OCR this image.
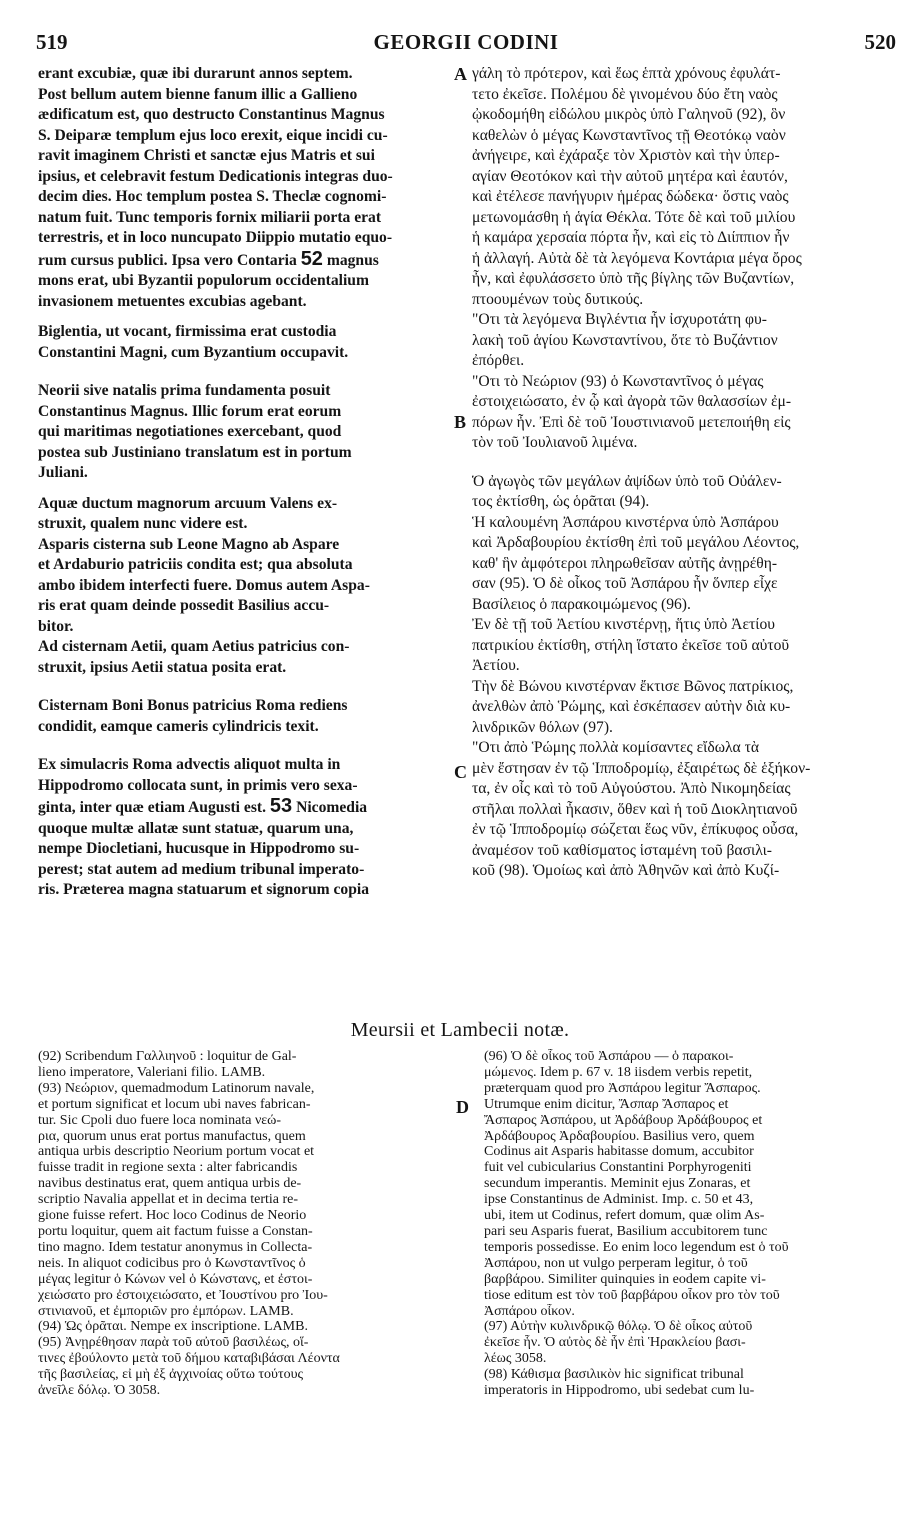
519	GEORGII CODINI	520
erant excubiæ, quæ ibi durarunt annos septem.
Post bellum autem bienne fanum illic a Gallieno
ædificatum est, quo destructo Constantinus Magnus
S. Deiparæ templum ejus loco erexit, eique incidi cu-
ravit imaginem Christi et sanctæ ejus Matris et sui
ipsius, et celebravit festum Dedicationis integras duo-
decim dies. Hoc templum postea S. Theclæ cognomi-
natum fuit. Tunc temporis fornix miliarii porta erat
terrestris, et in loco nuncupato Diippio mutatio equo-
rum cursus publici. Ipsa vero Contaria 52 magnus
mons erat, ubi Byzantii populorum occidentalium
invasionem metuentes excubias agebant.
Biglentia, ut vocant, firmissima erat custodia
Constantini Magni, cum Byzantium occupavit.
Neorii sive natalis prima fundamenta posuit
Constantinus Magnus. Illic forum erat eorum
qui maritimas negotiationes exercebant, quod
postea sub Justiniano translatum est in portum
Juliani.
Aquæ ductum magnorum arcuum Valens ex-
struxit, qualem nunc videre est.
Asparis cisterna sub Leone Magno ab Aspare
et Ardaburio patriciis condita est; qua absoluta
ambo ibidem interfecti fuere. Domus autem Aspa-
ris erat quam deinde possedit Basilius accu-
bitor.
Ad cisternam Aetii, quam Aetius patricius con-
struxit, ipsius Aetii statua posita erat.
Cisternam Boni Bonus patricius Roma rediens
condidit, eamque cameris cylindricis texit.
Ex simulacris Roma advectis aliquot multa in
Hippodromo collocata sunt, in primis vero sexa-
ginta, inter quæ etiam Augusti est. 53 Nicomedia
quoque multæ allatæ sunt statuæ, quarum una,
nempe Diocletiani, hucusque in Hippodromo su-
perest; stat autem ad medium tribunal imperato-
ris. Præterea magna statuarum et signorum copia
A
B
C
D
γάλη τὸ πρότερον, καὶ ἕως ἑπτὰ χρόνους ἐφυλάτ-
τετο ἐκεῖσε. Πολέμου δὲ γινομένου δύο ἔτη ναὸς
ᾠκοδομήθη εἰδώλου μικρὸς ὑπὸ Γαληνοῦ (92), ὃν
καθελὼν ὁ μέγας Κωνσταντῖνος τῇ Θεοτόκῳ ναὸν
ἀνήγειρε, καὶ ἐχάραξε τὸν Χριστὸν καὶ τὴν ὑπερ-
αγίαν Θεοτόκον καὶ τὴν αὐτοῦ μητέρα καὶ ἑαυτόν,
καὶ ἐτέλεσε πανήγυριν ἡμέρας δώδεκα· ὅστις ναὸς
μετωνομάσθη ἡ ἁγία Θέκλα. Τότε δὲ καὶ τοῦ μιλίου
ἡ καμάρα χερσαία πόρτα ἦν, καὶ εἰς τὸ Διίππιον ἦν
ἡ ἀλλαγή. Αὐτὰ δὲ τὰ λεγόμενα Κοντάρια μέγα ὄρος
ἦν, καὶ ἐφυλάσσετο ὑπὸ τῆς βίγλης τῶν Βυζαντίων,
πτοουμένων τοὺς δυτικούς.
"Οτι τὰ λεγόμενα Βιγλέντια ἦν ἰσχυροτάτη φυ-
λακὴ τοῦ ἁγίου Κωνσταντίνου, ὅτε τὸ Βυζάντιον
ἐπόρθει.
"Οτι τὸ Νεώριον (93) ὁ Κωνσταντῖνος ὁ μέγας
ἐστοιχειώσατο, ἐν ᾧ καὶ ἀγορὰ τῶν θαλασσίων ἐμ-
πόρων ἦν. Ἐπὶ δὲ τοῦ Ἰουστινιανοῦ μετεποιήθη εἰς
τὸν τοῦ Ἰουλιανοῦ λιμένα.
Ὁ ἀγωγὸς τῶν μεγάλων ἀψίδων ὑπὸ τοῦ Οὐάλεν-
τος ἐκτίσθη, ὡς ὁρᾶται (94).
Ἡ καλουμένη Ἀσπάρου κινστέρνα ὑπὸ Ἀσπάρου
καὶ Ἀρδαβουρίου ἐκτίσθη ἐπὶ τοῦ μεγάλου Λέοντος,
καθ' ἣν ἀμφότεροι πληρωθεῖσαν αὐτῆς ἀνῃρέθη-
σαν (95). Ὁ δὲ οἶκος τοῦ Ἀσπάρου ἦν ὅνπερ εἶχε
Βασίλειος ὁ παρακοιμώμενος (96).
Ἐν δὲ τῇ τοῦ Ἀετίου κινστέρνῃ, ἥτις ὑπὸ Ἀετίου
πατρικίου ἐκτίσθη, στήλη ἵστατο ἐκεῖσε τοῦ αὐτοῦ
Ἀετίου.
Τὴν δὲ Βώνου κινστέρναν ἔκτισε Βῶνος πατρίκιος,
ἀνελθὼν ἀπὸ Ῥώμης, καὶ ἐσκέπασεν αὐτὴν διὰ κυ-
λινδρικῶν θόλων (97).
"Οτι ἀπὸ Ῥώμης πολλὰ κομίσαντες εἴδωλα τὰ
μὲν ἔστησαν ἐν τῷ Ἱπποδρομίῳ, ἐξαιρέτως δὲ ἑξήκον-
τα, ἐν οἷς καὶ τὸ τοῦ Αὐγούστου. Ἀπὸ Νικομηδείας
στῆλαι πολλαὶ ἦκασιν, ὅθεν καὶ ἡ τοῦ Διοκλητιανοῦ
ἐν τῷ Ἱπποδρομίῳ σώζεται ἕως νῦν, ἐπίκυφος οὖσα,
ἀναμέσον τοῦ καθίσματος ἱσταμένη τοῦ βασιλι-
κοῦ (98). Ὁμοίως καὶ ἀπὸ Ἀθηνῶν καὶ ἀπὸ Κυζί-
Meursii et Lambecii notæ.
(92) Scribendum Γαλλιηνοῦ : loquitur de Gal-
lieno imperatore, Valeriani filio. LAMB.
(93) Νεώριον, quemadmodum Latinorum navale,
et portum significat et locum ubi naves fabrican-
tur. Sic Cpoli duo fuere loca nominata νεώ-
ρια, quorum unus erat portus manufactus, quem
antiqua urbis descriptio Neorium portum vocat et
fuisse tradit in regione sexta : alter fabricandis
navibus destinatus erat, quem antiqua urbis de-
scriptio Navalia appellat et in decima tertia re-
gione fuisse refert. Hoc loco Codinus de Neorio
portu loquitur, quem ait factum fuisse a Constan-
tino magno. Idem testatur anonymus in Collecta-
neis. In aliquot codicibus pro ὁ Κωνσταντῖνος ὁ
μέγας legitur ὁ Κώνων vel ὁ Κώνστανς, et ἐστοι-
χειώσατο pro ἐστοιχειώσατο, et Ἰουστίνου pro Ἰου-
στινιανοῦ, et ἐμποριῶν pro ἐμπόρων. LAMB.
(94) Ὡς ὁρᾶται. Nempe ex inscriptione. LAMB.
(95) Ἀνῃρέθησαν παρὰ τοῦ αὐτοῦ βασιλέως, οἵ-
τινες ἐβούλοντο μετὰ τοῦ δήμου καταβιβάσαι Λέοντα
τῆς βασιλείας, εἰ μὴ ἐξ ἀγχινοίας οὕτω τούτους
ἀνεῖλε δόλῳ. Ὁ 3058.
(96) Ὁ δὲ οἶκος τοῦ Ἀσπάρου — ὁ παρακοι-
μώμενος. Idem p. 67 v. 18 iisdem verbis repetit,
præterquam quod pro Ἀσπάρου legitur Ἄσπαρος.
Utrumque enim dicitur, Ἄσπαρ Ἄσπαρος et
Ἄσπαρος Ἀσπάρου, ut Ἀρδάβουρ Ἀρδάβουρος et
Ἀρδάβουρος Ἀρδαβουρίου. Basilius vero, quem
Codinus ait Asparis habitasse domum, accubitor
fuit vel cubicularius Constantini Porphyrogeniti
secundum imperantis. Meminit ejus Zonaras, et
ipse Constantinus de Administ. Imp. c. 50 et 43,
ubi, item ut Codinus, refert domum, quæ olim As-
pari seu Asparis fuerat, Basilium accubitorem tunc
temporis possedisse. Eo enim loco legendum est ὁ τοῦ
Ἀσπάρου, non ut vulgo perperam legitur, ὁ τοῦ
βαρβάρου. Similiter quinquies in eodem capite vi-
tiose editum est τὸν τοῦ βαρβάρου οἶκον pro τὸν τοῦ
Ἀσπάρου οἶκον.
(97) Αὐτὴν κυλινδρικῷ θόλῳ. Ὁ δὲ οἶκος αὐτοῦ
ἐκεῖσε ἦν. Ὁ αὐτὸς δὲ ἦν ἐπὶ Ἡρακλείου βασι-
λέως 3058.
(98) Κάθισμα βασιλικὸν hic significat tribunal
imperatoris in Hippodromo, ubi sedebat cum lu-
